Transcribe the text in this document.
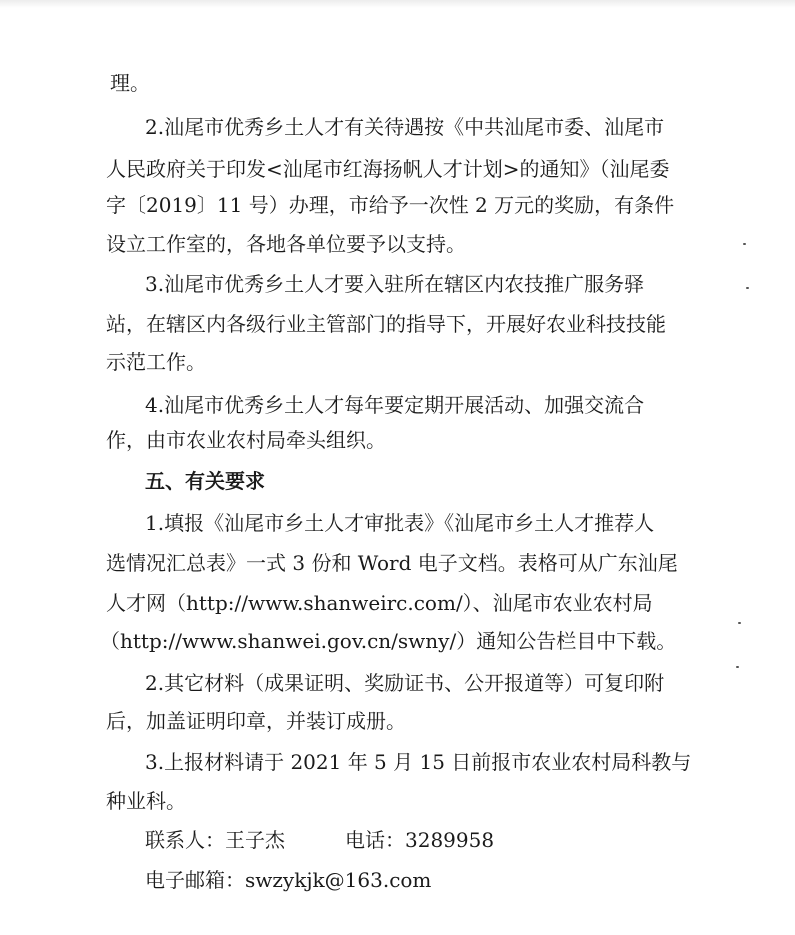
理。
2.汕尾市优秀乡土人才有关待遇按《中共汕尾市委、汕尾市
人民政府关于印发<汕尾市红海扬帆人才计划>的通知》（汕尾委
字〔2019〕11 号）办理，市给予一次性 2 万元的奖励，有条件
设立工作室的，各地各单位要予以支持。
3.汕尾市优秀乡土人才要入驻所在辖区内农技推广服务驿
站，在辖区内各级行业主管部门的指导下，开展好农业科技技能
示范工作。
4.汕尾市优秀乡土人才每年要定期开展活动、加强交流合
作，由市农业农村局牵头组织。
五、有关要求
1.填报《汕尾市乡土人才审批表》《汕尾市乡土人才推荐人
选情况汇总表》一式 3 份和 Word 电子文档。表格可从广东汕尾
人才网（http://www.shanweirc.com/）、汕尾市农业农村局
（http://www.shanwei.gov.cn/swny/）通知公告栏目中下载。
2.其它材料（成果证明、奖励证书、公开报道等）可复印附
后，加盖证明印章，并装订成册。
3.上报材料请于 2021 年 5 月 15 日前报市农业农村局科教与
种业科。
联系人：王子杰　　　电话：3289958
电子邮箱：swzykjk@163.com
